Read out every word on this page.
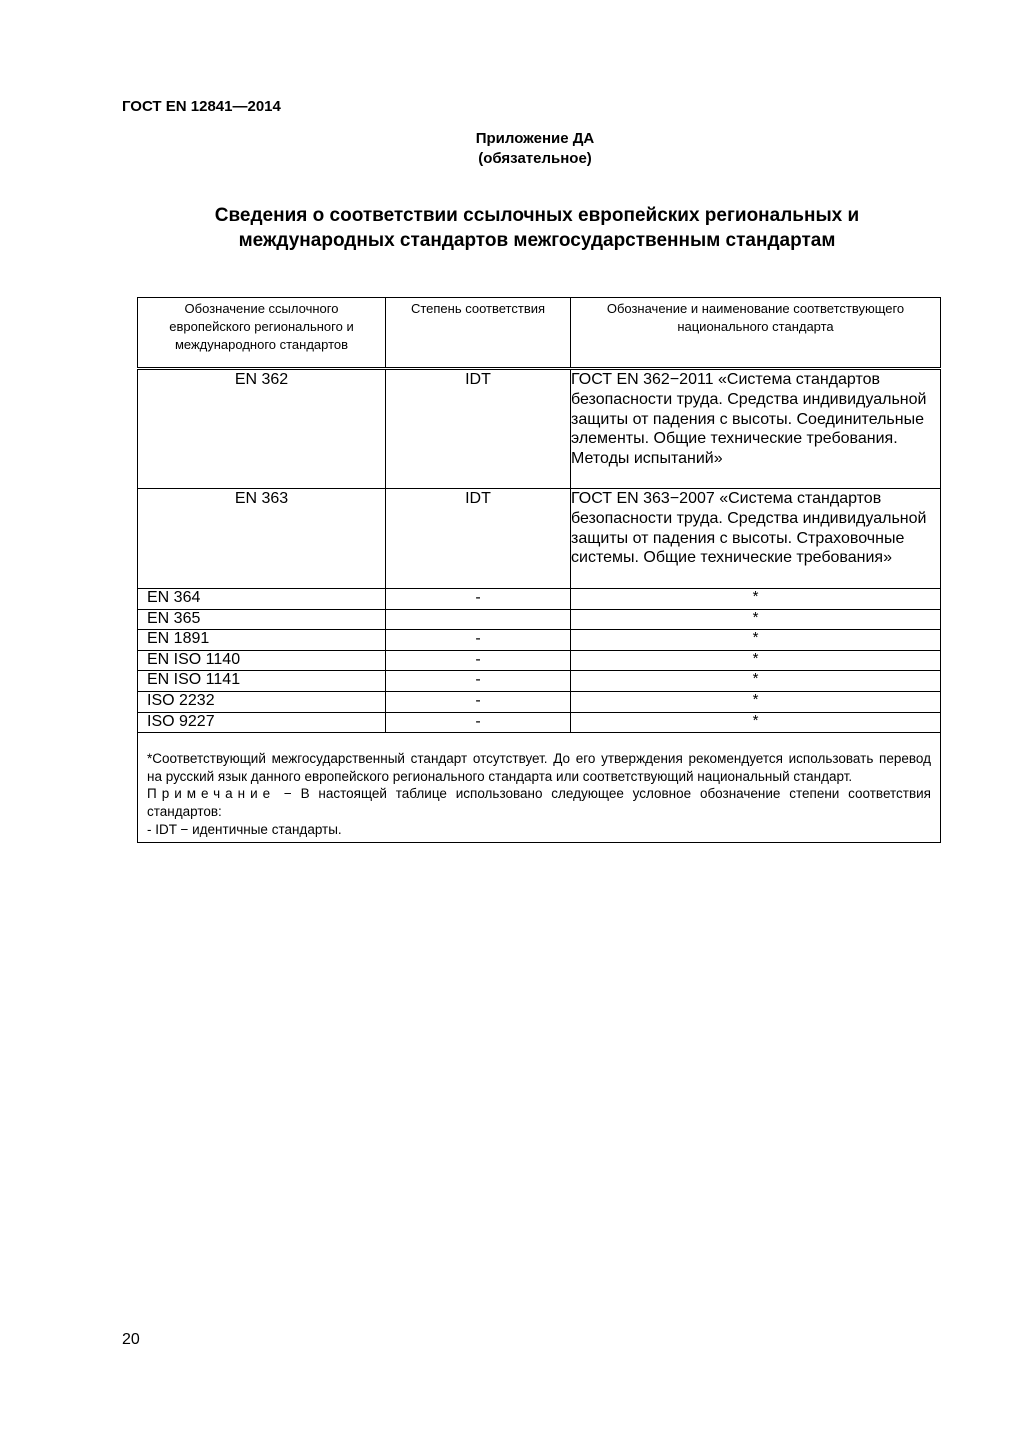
ГОСТ EN 12841—2014
Приложение ДА
(обязательное)
Сведения о соответствии ссылочных европейских региональных и
международных стандартов межгосударственным стандартам
Обозначение ссылочного европейского регионального и международного стандартов	Степень соответствия	Обозначение и наименование соответствующего национального стандарта
EN 362	IDT	ГОСТ EN 362−2011 «Система стандартов безопасности труда. Средства индивидуальной защиты от падения с высоты. Соединительные элементы. Общие технические требования. Методы испытаний»
EN 363	IDT	ГОСТ EN 363−2007 «Система стандартов безопасности труда. Средства индивидуальной защиты от падения с высоты. Страховочные системы. Общие технические требования»
EN 364	-	*
EN 365		*
EN 1891	-	*
EN ISO 1140	-	*
EN ISO 1141	-	*
ISO 2232	-	*
ISO 9227	-	*

*Соответствующий межгосударственный стандарт отсутствует. До его утверждения рекомендуется использовать перевод на русский язык данного европейского регионального стандарта или соответствующий национальный стандарт.
Примечание − В настоящей таблице использовано следующее условное обозначение степени соответствия стандартов:
- IDT − идентичные стандарты.		
20
